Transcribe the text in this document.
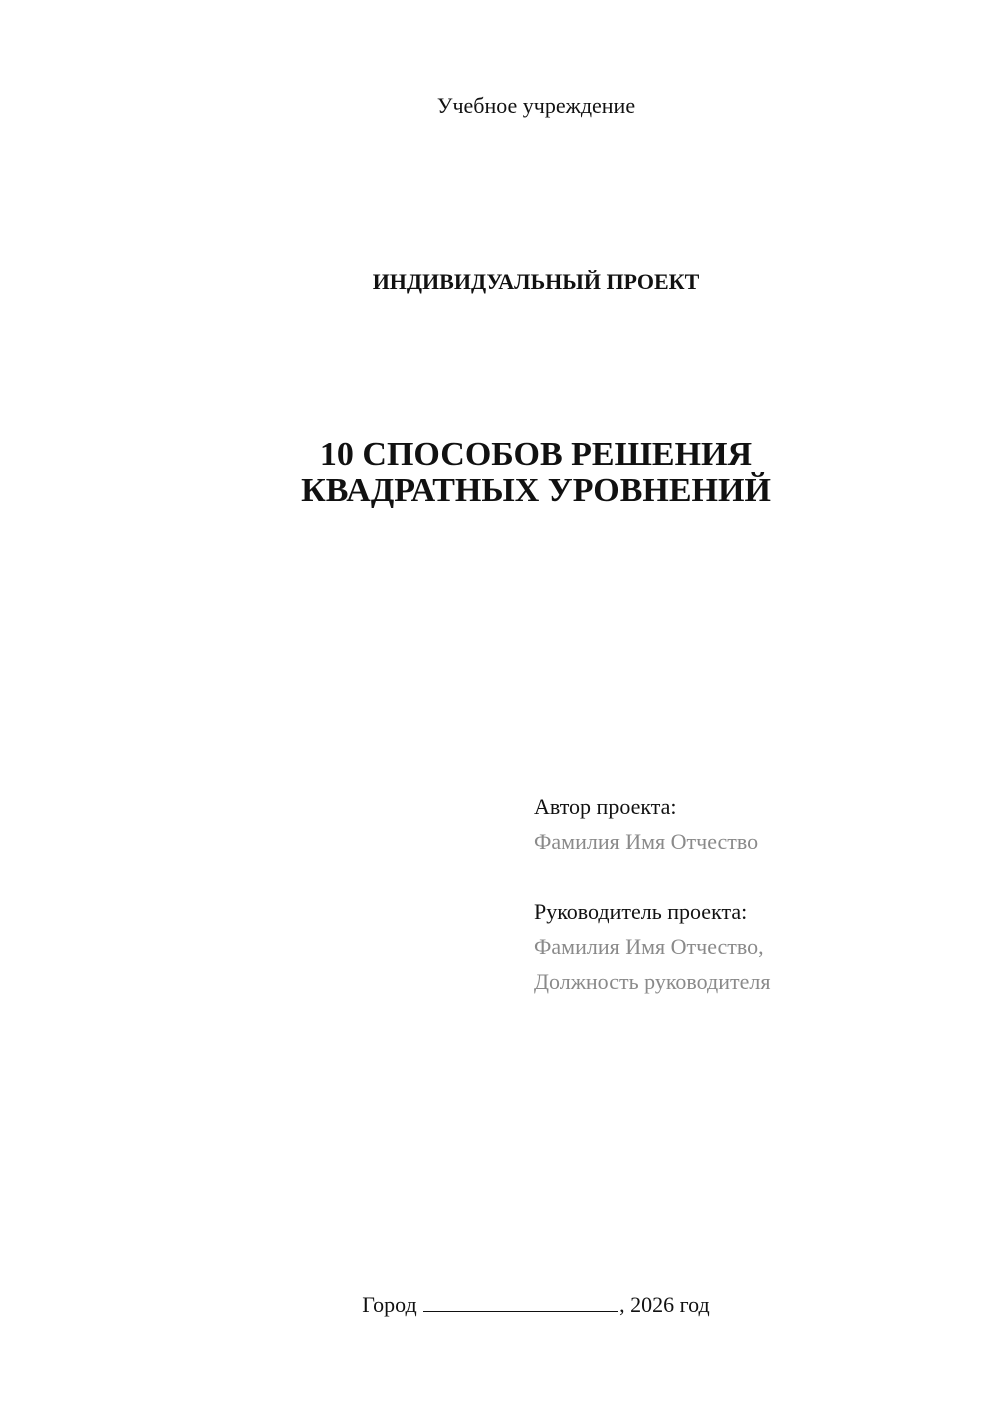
Учебное учреждение
ИНДИВИДУАЛЬНЫЙ ПРОЕКТ
10 СПОСОБОВ РЕШЕНИЯ
КВАДРАТНЫХ УРОВНЕНИЙ
Автор проекта:
Фамилия Имя Отчество
Руководитель проекта:
Фамилия Имя Отчество,
Должность руководителя
Город	, 2026 год
